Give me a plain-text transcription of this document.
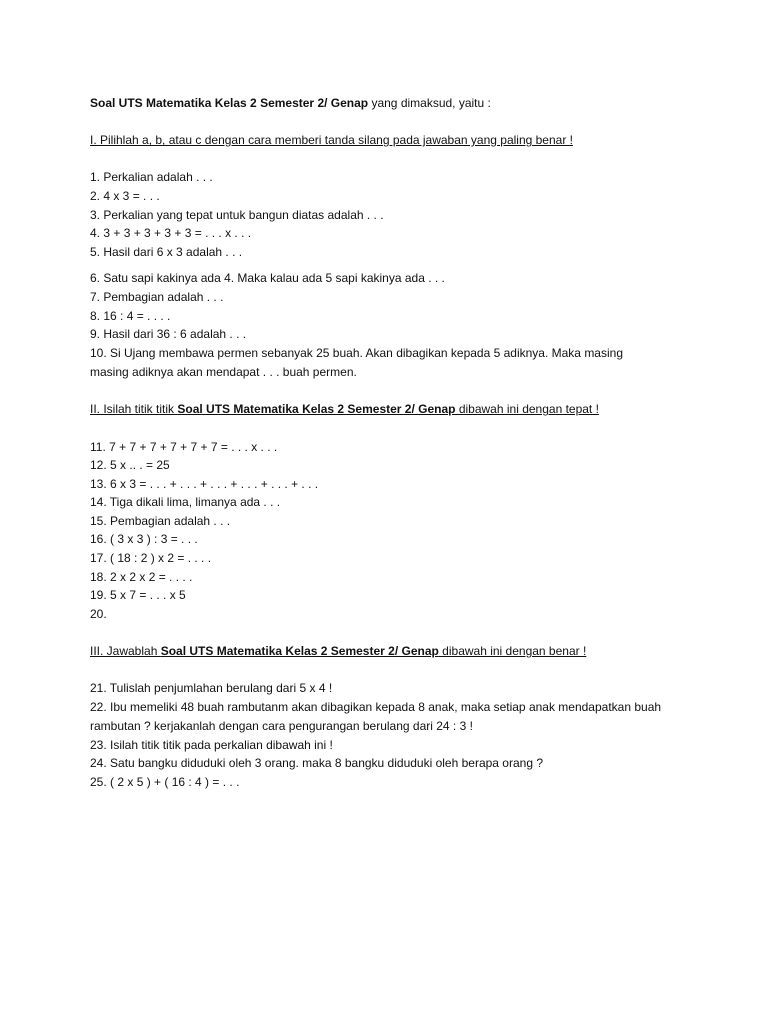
Soal UTS Matematika Kelas 2 Semester 2/ Genap yang dimaksud, yaitu :
I. Pilihlah a, b, atau c dengan cara memberi tanda silang pada jawaban yang paling benar !
1. Perkalian adalah . . .
2. 4 x 3 = . . .
3. Perkalian yang tepat untuk bangun diatas adalah . . .
4. 3 + 3 + 3 + 3 + 3 = . . . x . . .
5. Hasil dari 6 x 3 adalah . . .
6. Satu sapi kakinya ada 4. Maka kalau ada 5 sapi kakinya ada . . .
7. Pembagian adalah . . .
8. 16 : 4 = . . . .
9. Hasil dari 36 : 6 adalah . . .
10. Si Ujang membawa permen sebanyak 25 buah. Akan dibagikan kepada 5 adiknya. Maka masing masing adiknya akan mendapat . . . buah permen.
II. Isilah titik titik Soal UTS Matematika Kelas 2 Semester 2/ Genap dibawah ini dengan tepat !
11. 7 + 7 + 7 + 7 + 7 + 7 = . . . x . . .
12. 5 x .. . = 25
13. 6 x 3 = . . . + . . . + . . . + . . . + . . . + . . .
14. Tiga dikali lima, limanya ada . . .
15. Pembagian adalah . . .
16. ( 3 x 3 ) : 3 = . . .
17. ( 18 : 2 ) x 2 = . . . .
18. 2 x 2 x 2 = . . . .
19. 5 x 7 = . . . x 5
20.
III. Jawablah Soal UTS Matematika Kelas 2 Semester 2/ Genap dibawah ini dengan benar !
21. Tulislah penjumlahan berulang dari 5 x 4 !
22. Ibu memeliki 48 buah rambutanm akan dibagikan kepada 8 anak, maka setiap anak mendapatkan buah rambutan ? kerjakanlah dengan cara pengurangan berulang dari 24 : 3 !
23. Isilah titik titik pada perkalian dibawah ini !
24. Satu bangku diduduki oleh 3 orang. maka 8 bangku diduduki oleh berapa orang ?
25. ( 2 x 5 ) + ( 16 : 4 ) = . . .
